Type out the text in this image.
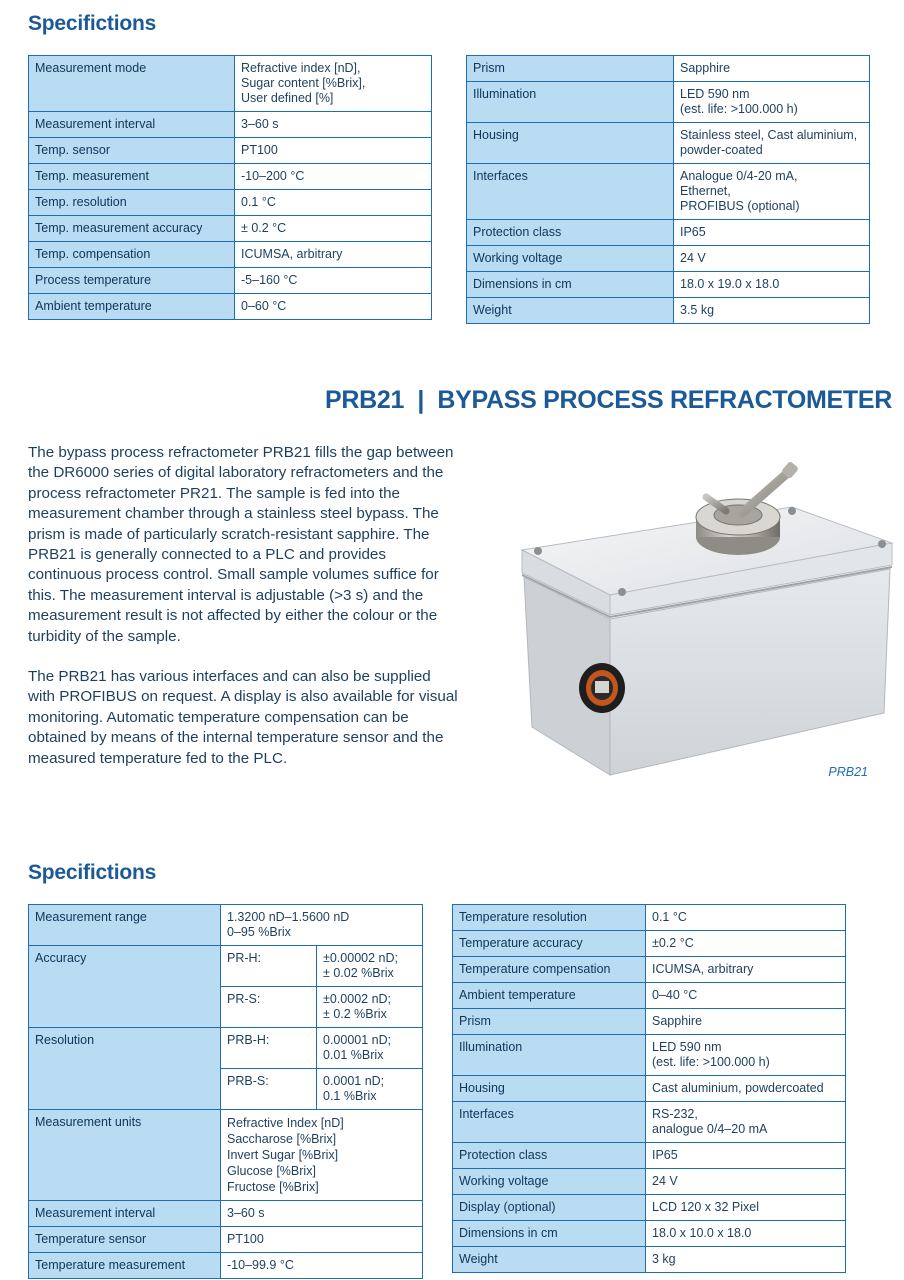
Specifictions
Measurement mode	Refractive index [nD],
Sugar content [%Brix],
User defined [%]
Measurement interval	3–60 s
Temp. sensor	PT100
Temp. measurement	-10–200 °C
Temp. resolution	0.1 °C
Temp. measurement accuracy	± 0.2 °C
Temp. compensation	ICUMSA, arbitrary
Process temperature	-5–160 °C
Ambient temperature	0–60 °C
Prism	Sapphire
Illumination	LED 590 nm
(est. life: >100.000 h)
Housing	Stainless steel, Cast aluminium,
powder-coated
Interfaces	Analogue 0/4-20 mA,
Ethernet,
PROFIBUS (optional)
Protection class	IP65
Working voltage	24 V
Dimensions in cm	18.0 x 19.0 x 18.0
Weight	3.5 kg
PRB21  |  BYPASS PROCESS REFRACTOMETER

The bypass process refractometer PRB21 fills the gap between the DR6000 series of digital laboratory refractometers and the process refractometer PR21. The sample is fed into the measurement chamber through a stainless steel bypass. The prism is made of particularly scratch-resistant sapphire. The PRB21 is generally connected to a PLC and provides continuous process control. Small sample volumes suffice for this. The measurement interval is adjustable (>3 s) and the measurement result is not affected by either the colour or the turbidity of the sample.

The PRB21 has various interfaces and can also be supplied with PROFIBUS on request. A display is also available for visual monitoring. Automatic temperature compensation can be obtained by means of the internal temperature sensor and the measured temperature fed to the PLC.

PRB21
Specifictions
Measurement range	1.3200 nD–1.5600 nD
0–95 %Brix	
Accuracy	PR-H:	±0.00002 nD;
± 0.02 %Brix
	PR-S:	±0.0002 nD;
± 0.2 %Brix
Resolution	PRB-H:	0.00001 nD;
0.01 %Brix
	PRB-S:	0.0001 nD;
0.1 %Brix
Measurement units	Refractive Index [nD]
Saccharose [%Brix]
Invert Sugar [%Brix]
Glucose [%Brix]
Fructose [%Brix]	
Measurement interval	3–60 s	
Temperature sensor	PT100	
Temperature measurement	-10–99.9 °C	
Temperature resolution	0.1 °C
Temperature accuracy	±0.2 °C
Temperature compensation	ICUMSA, arbitrary
Ambient temperature	0–40 °C
Prism	Sapphire
Illumination	LED 590 nm
(est. life: >100.000 h)
Housing	Cast aluminium, powdercoated
Interfaces	RS-232,
analogue 0/4–20 mA
Protection class	IP65
Working voltage	24 V
Display (optional)	LCD 120 x 32 Pixel
Dimensions in cm	18.0 x 10.0 x 18.0
Weight	3 kg
